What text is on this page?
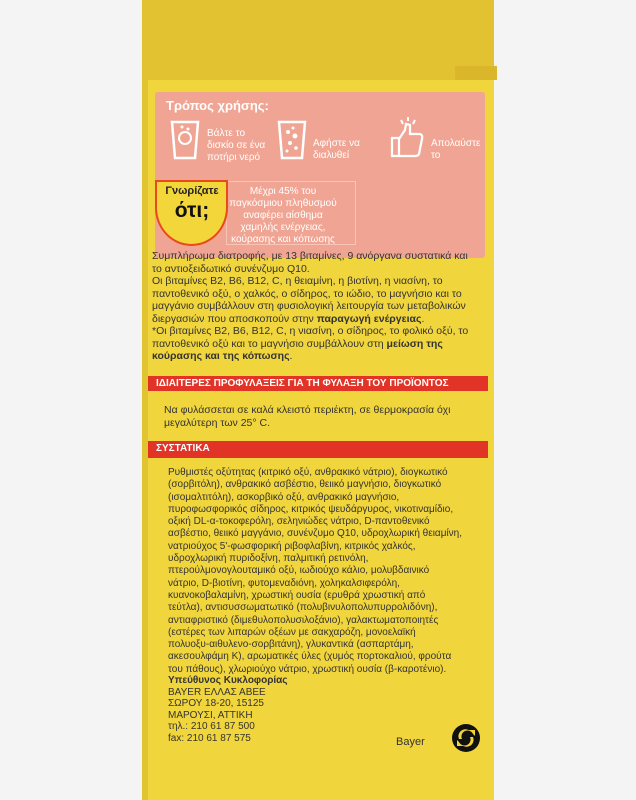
Τρόπος χρήσης:
Βάλτε το
δισκίο σε ένα
ποτήρι νερό
Αφήστε να
διαλυθεί
Απολαύστε
το
Γνωρίζατε
ότι;
Μέχρι 45% του
παγκόσμιου πληθυσμού
αναφέρει αίσθημα
χαμηλής ενέργειας,
κούρασης και κόπωσης

Συμπλήρωμα διατροφής, με 13 βιταμίνες, 9 ανόργανα συστατικά και

το αντιοξειδωτικό συνένζυμο Q10.

Οι βιταμίνες B2, B6, B12, C, η θειαμίνη, η βιοτίνη, η νιασίνη, το

παντοθενικό οξύ, ο χαλκός, ο σίδηρος, το ιώδιο, το μαγνήσιο και το

μαγγάνιο συμβάλλουν στη φυσιολογική λειτουργία των μεταβολικών

διεργασιών που αποσκοπούν στην παραγωγή ενέργειας.

*Οι βιταμίνες B2, B6, B12, C, η νιασίνη, ο σίδηρος, το φολικό οξύ, το

παντοθενικό οξύ και το μαγνήσιο συμβάλλουν στη μείωση της

κούρασης και της κόπωσης.

ΙΔΙΑΙΤΕΡΕΣ ΠΡΟΦΥΛΑΞΕΙΣ ΓΙΑ ΤΗ ΦΥΛΑΞΗ ΤΟΥ ΠΡΟΪΟΝΤΟΣ
Να φυλάσσεται σε καλά κλειστό περιέκτη, σε θερμοκρασία όχι
μεγαλύτερη των 25° C.
ΣΥΣΤΑΤΙΚΑ
Ρυθμιστές οξύτητας (κιτρικό οξύ, ανθρακικό νάτριο), διογκωτικό
(σορβιτόλη), ανθρακικό ασβέστιο, θειικό μαγνήσιο, διογκωτικό
(ισομαλτιτόλη), ασκορβικό οξύ, ανθρακικό μαγνήσιο,
πυροφωσφορικός σίδηρος, κιτρικός ψευδάργυρος, νικοτιναμίδιο,
οξική DL-α-τοκοφερόλη, σεληνιώδες νάτριο, D-παντοθενικό
ασβέστιο, θειικό μαγγάνιο, συνένζυμο Q10, υδροχλωρική θειαμίνη,
νατριούχος 5'-φωσφορική ριβοφλαβίνη, κιτρικός χαλκός,
υδροχλωρική πυριδοξίνη, παλμιτική ρετινόλη,
πτερούλμονογλουταμικό οξύ, ιωδιούχο κάλιο, μολυβδαινικό
νάτριο, D-βιοτίνη, φυτομεναδιόνη, χοληκαλσιφερόλη,
κυανοκοβαλαμίνη, χρωστική ουσία (ερυθρά χρωστική από
τεύτλα), αντισυσσωματωτικό (πολυβινυλοπολυπυρρολιδόνη),
αντιαφριστικό (διμεθυλοπολυσιλοξάνιο), γαλακτωματοποιητές
(εστέρες των λιπαρών οξέων με σακχαρόζη, μονοελαϊκή
πολυοξυ-αιθυλενο-σορβιτάνη), γλυκαντικά (ασπαρτάμη,
ακεσουλφάμη Κ), αρωματικές ύλες (χυμός πορτοκαλιού, φρούτα
του πάθους), χλωριούχο νάτριο, χρωστική ουσία (β-καροτένιο).
Υπεύθυνος Κυκλοφορίας
BAYER ΕΛΛΑΣ ΑΒΕΕ
ΣΩΡΟΥ 18-20, 15125
ΜΑΡΟΥΣΙ, ΑΤΤΙΚΗ
τηλ.: 210 61 87 500
fax: 210 61 87 575	Bayer
